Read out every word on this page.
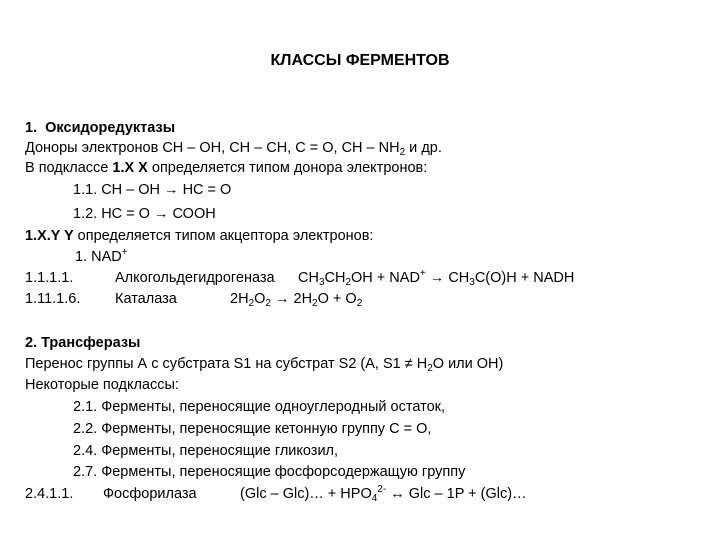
КЛАССЫ ФЕРМЕНТОВ
1. Оксидоредуктазы
Доноры электронов СН – ОН, СН – СН, С = О, СН – $NH_2$ и др.
В подклассе 1.Х Х определяется типом донора электронов:
1.1. СН – ОН → НС = О
1.2. НС = О → СООН
1.Х.Y Y определяется типом акцептора электронов:
1. NAD+
1.1.1.1.	Алкогольдегидрогеназа $CH_3CH_2OH + NAD^+ \to CH_3C(O)H$ + NADH
1.11.1.6. Каталаза	$2H_2O_2 \to 2H_2O + O_2$
2. Трансферазы
Перенос группы А с субстрата S1 на субстрат S2 (A, $S1 \ne H_2O$ или ОН)
Некоторые подклассы:
2.1. Ферменты, переносящие одноуглеродный остаток,
2.2. Ферменты, переносящие кетонную группу С = О,
2.4. Ферменты, переносящие гликозил,
2.7. Ферменты, переносящие фосфорсодержащую группу
2.4.1.1. Фосфорилаза	(Glc – Glc)… + $HPO_4^{2-}$ ↔ Glc – 1P + (Glc)…
